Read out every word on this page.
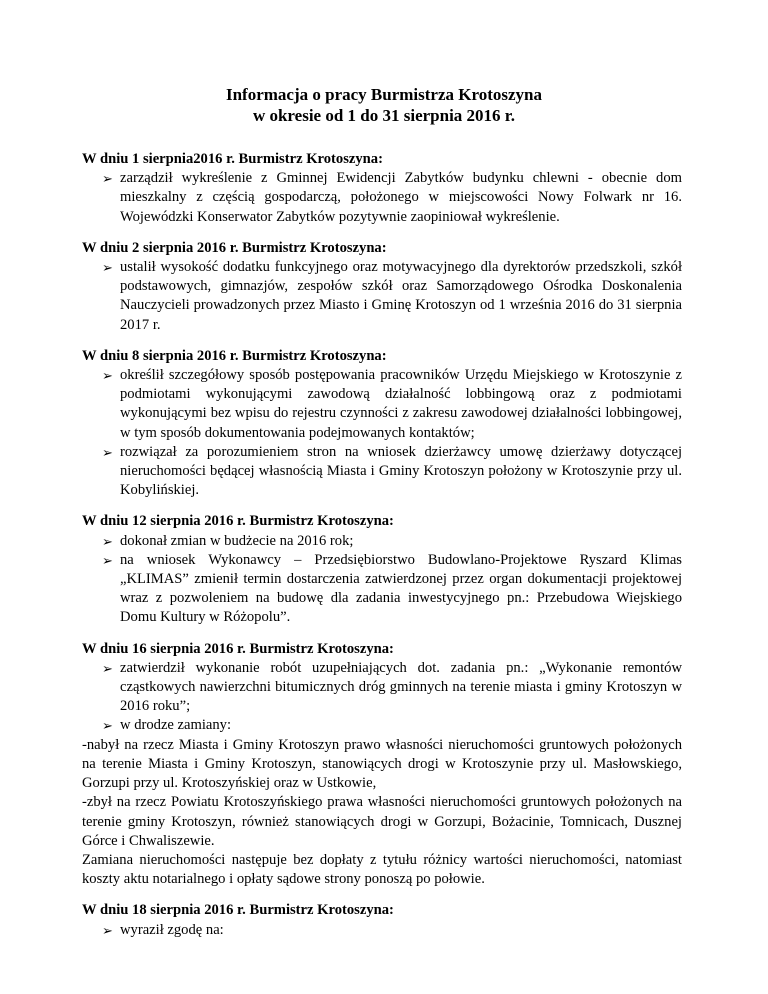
Informacja o pracy Burmistrza Krotoszyna
w okresie od 1 do 31 sierpnia 2016 r.

W dniu 1 sierpnia2016 r. Burmistrz Krotoszyna:

➢ zarządził wykreślenie z Gminnej Ewidencji Zabytków budynku chlewni - obecnie dom mieszkalny z częścią gospodarczą, położonego w miejscowości Nowy Folwark nr 16. Wojewódzki Konserwator Zabytków pozytywnie zaopiniował wykreślenie.

W dniu 2 sierpnia 2016 r. Burmistrz Krotoszyna:

➢ ustalił wysokość dodatku funkcyjnego oraz motywacyjnego dla dyrektorów przedszkoli, szkół podstawowych, gimnazjów, zespołów szkół oraz Samorządowego Ośrodka Doskonalenia Nauczycieli prowadzonych przez Miasto i Gminę Krotoszyn od 1 września 2016 do 31 sierpnia 2017 r.

W dniu 8 sierpnia 2016 r. Burmistrz Krotoszyna:

➢ określił szczegółowy sposób postępowania pracowników Urzędu Miejskiego w Krotoszynie z podmiotami wykonującymi zawodową działalność lobbingową oraz z podmiotami wykonującymi bez wpisu do rejestru czynności z zakresu zawodowej działalności lobbingowej, w tym sposób dokumentowania podejmowanych kontaktów;
➢ rozwiązał za porozumieniem stron na wniosek dzierżawcy umowę dzierżawy dotyczącej nieruchomości będącej własnością Miasta i Gminy Krotoszyn położony w Krotoszynie przy ul. Kobylińskiej.

W dniu 12 sierpnia 2016 r. Burmistrz Krotoszyna:

➢ dokonał zmian w budżecie na 2016 rok;
➢ na wniosek Wykonawcy – Przedsiębiorstwo Budowlano-Projektowe Ryszard Klimas „KLIMAS” zmienił termin dostarczenia zatwierdzonej przez organ dokumentacji projektowej wraz z pozwoleniem na budowę dla zadania inwestycyjnego pn.: Przebudowa Wiejskiego Domu Kultury w Różopolu”.

W dniu 16 sierpnia 2016 r. Burmistrz Krotoszyna:

➢ zatwierdził wykonanie robót uzupełniających dot. zadania pn.: „Wykonanie remontów cząstkowych nawierzchni bitumicznych dróg gminnych na terenie miasta i gminy Krotoszyn w 2016 roku”;
➢ w drodze zamiany:

-nabył na rzecz Miasta i Gminy Krotoszyn prawo własności nieruchomości gruntowych położonych na terenie Miasta i Gminy Krotoszyn, stanowiących drogi w Krotoszynie przy ul. Masłowskiego, Gorzupi przy ul. Krotoszyńskiej oraz w Ustkowie,

-zbył na rzecz Powiatu Krotoszyńskiego prawa własności nieruchomości gruntowych położonych na terenie gminy Krotoszyn, również stanowiących drogi w Gorzupi, Bożacinie, Tomnicach, Dusznej Górce i Chwaliszewie.

Zamiana nieruchomości następuje bez dopłaty z tytułu różnicy wartości nieruchomości, natomiast koszty aktu notarialnego i opłaty sądowe strony ponoszą po połowie.

W dniu 18 sierpnia 2016 r. Burmistrz Krotoszyna:

➢ wyraził zgodę na:
